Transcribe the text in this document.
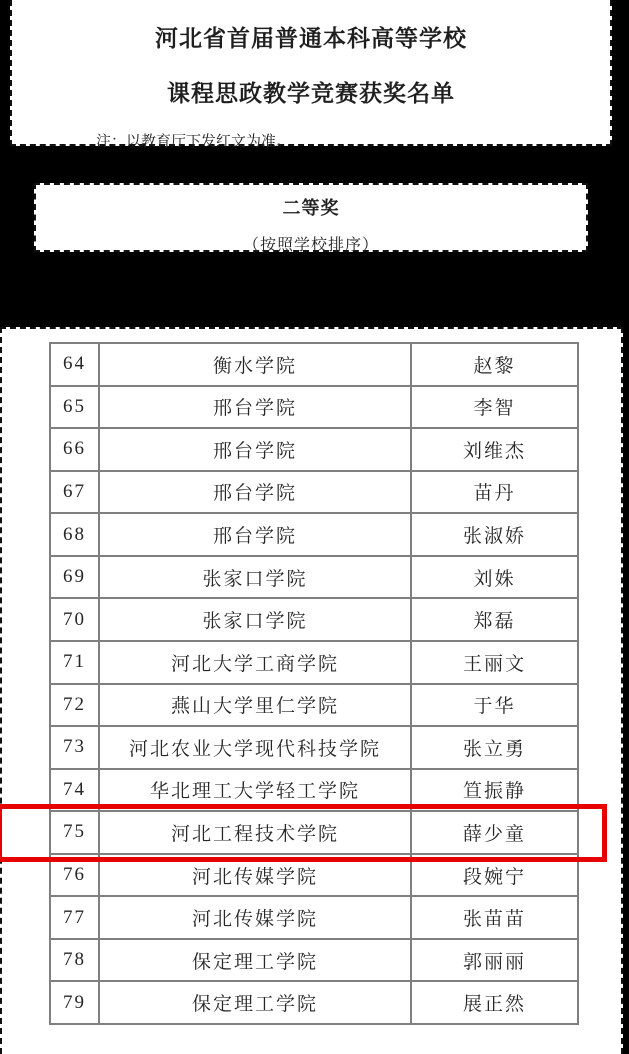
河北省首届普通本科高等学校
课程思政教学竞赛获奖名单
注：以教育厅下发红文为准。
二等奖
（按照学校排序）
64	衡水学院	赵黎
65	邢台学院	李智
66	邢台学院	刘维杰
67	邢台学院	苗丹
68	邢台学院	张淑娇
69	张家口学院	刘姝
70	张家口学院	郑磊
71	河北大学工商学院	王丽文
72	燕山大学里仁学院	于华
73	河北农业大学现代科技学院	张立勇
74	华北理工大学轻工学院	笪振静
75	河北工程技术学院	薛少童
76	河北传媒学院	段婉宁
77	河北传媒学院	张苗苗
78	保定理工学院	郭丽丽
79	保定理工学院	展正然
